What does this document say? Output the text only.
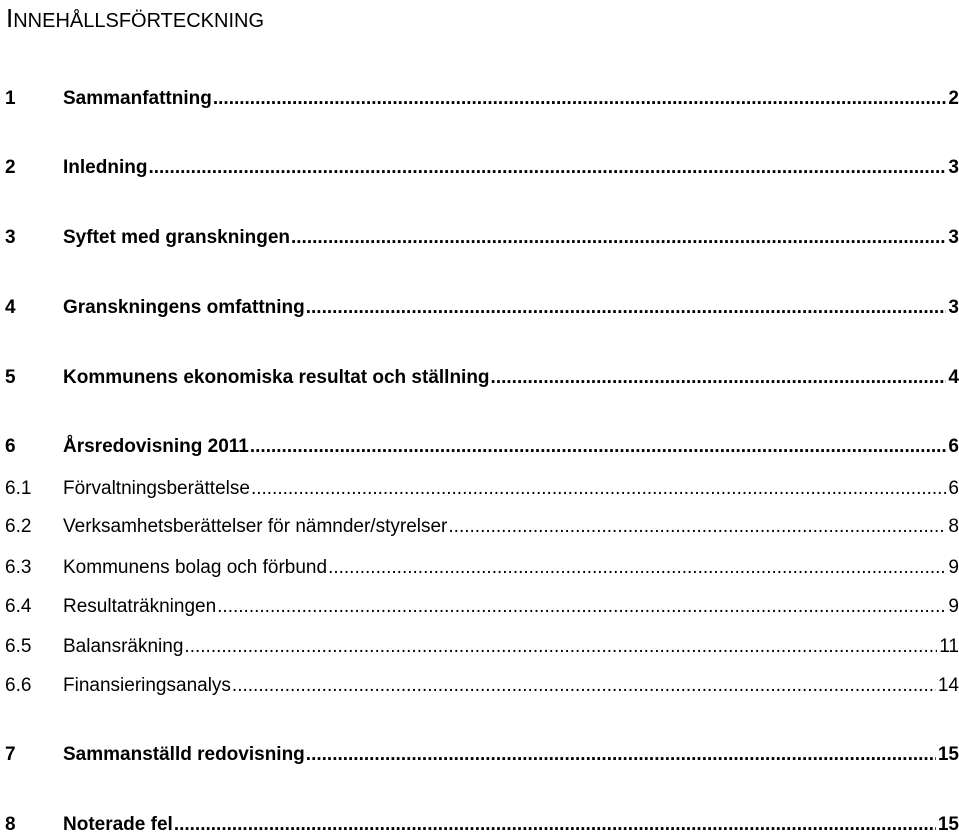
INNEHÅLLSFÖRTECKNING
1	Sammanfattning .....	2
2	Inledning .....	3
3	Syftet med granskningen .....	3
4	Granskningens omfattning .....	3
5	Kommunens ekonomiska resultat och ställning .....	4
6	Årsredovisning 2011 .....	6
6.1	Förvaltningsberättelse .....	6
6.2	Verksamhetsberättelser för nämnder/styrelser .....	8
6.3	Kommunens bolag och förbund .....	9
6.4	Resultaträkningen .....	9
6.5	Balansräkning .....	11
6.6	Finansieringsanalys .....	14
7	Sammanställd redovisning .....	15
8	Noterade fel .....	15
